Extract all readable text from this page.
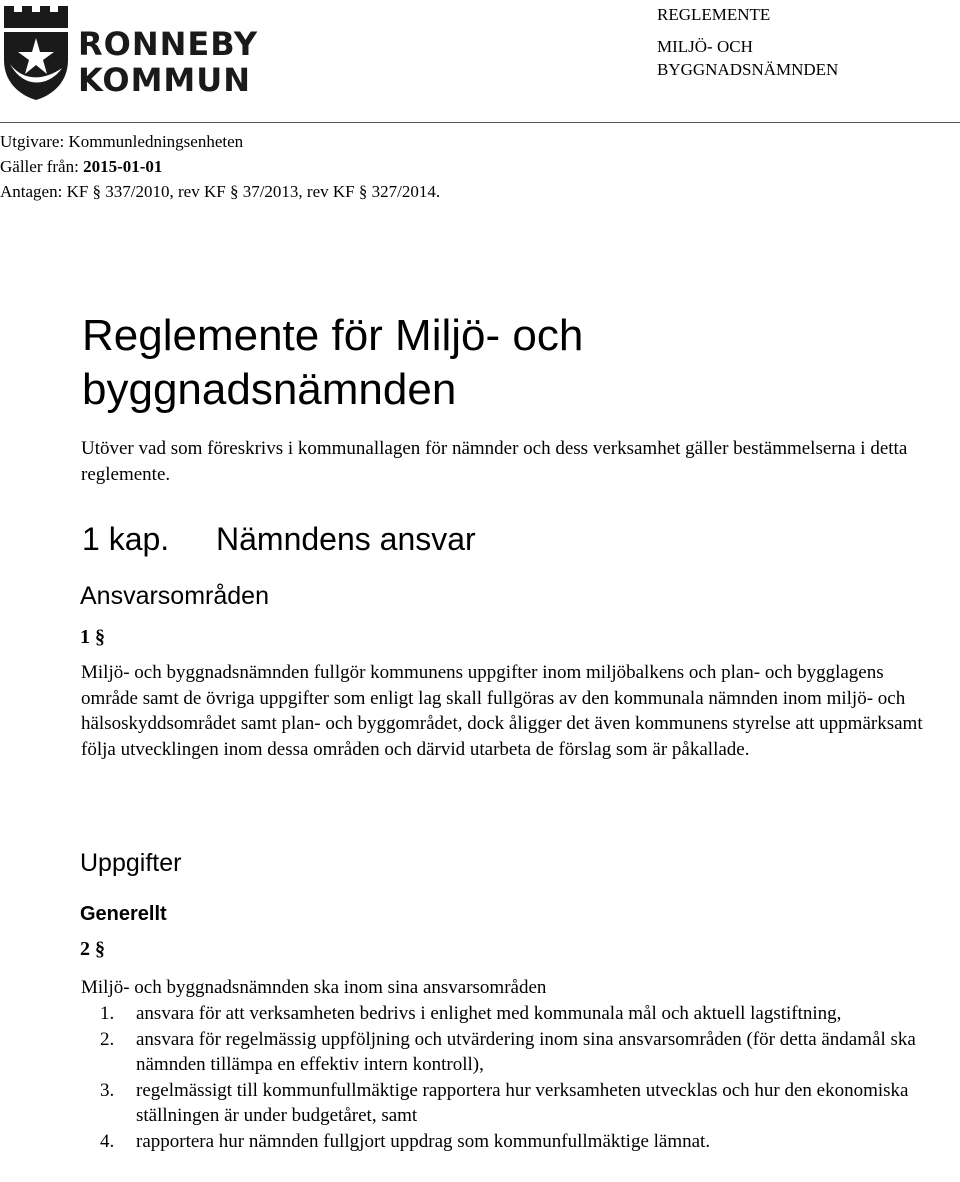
RONNEBY
KOMMUN
REGLEMENTE
MILJÖ- OCH
BYGGNADSNÄMNDEN
Utgivare: Kommunledningsenheten
Gäller från: 2015-01-01
Antagen: KF § 337/2010, rev KF § 37/2013, rev KF § 327/2014.
Reglemente för Miljö- och
byggnadsnämnden
Utöver vad som föreskrivs i kommunallagen för nämnder och dess verksamhet gäller bestämmelserna i detta reglemente.
1 kap. Nämndens ansvar
Ansvarsområden
1 §
Miljö- och byggnadsnämnden fullgör kommunens uppgifter inom miljöbalkens och plan- och bygglagens område samt de övriga uppgifter som enligt lag skall fullgöras av den kommunala nämnden inom miljö- och hälsoskyddsområdet samt plan- och byggområdet, dock åligger det även kommunens styrelse att uppmärksamt följa utvecklingen inom dessa områden och därvid utarbeta de förslag som är påkallade.
Uppgifter
Generellt
2 §
Miljö- och byggnadsnämnden ska inom sina ansvarsområden
1. ansvara för att verksamheten bedrivs i enlighet med kommunala mål och aktuell lagstiftning,
2. ansvara för regelmässig uppföljning och utvärdering inom sina ansvarsområden (för detta ändamål ska nämnden tillämpa en effektiv intern kontroll),
3. regelmässigt till kommunfullmäktige rapportera hur verksamheten utvecklas och hur den ekonomiska ställningen är under budgetåret, samt
4. rapportera hur nämnden fullgjort uppdrag som kommunfullmäktige lämnat.
